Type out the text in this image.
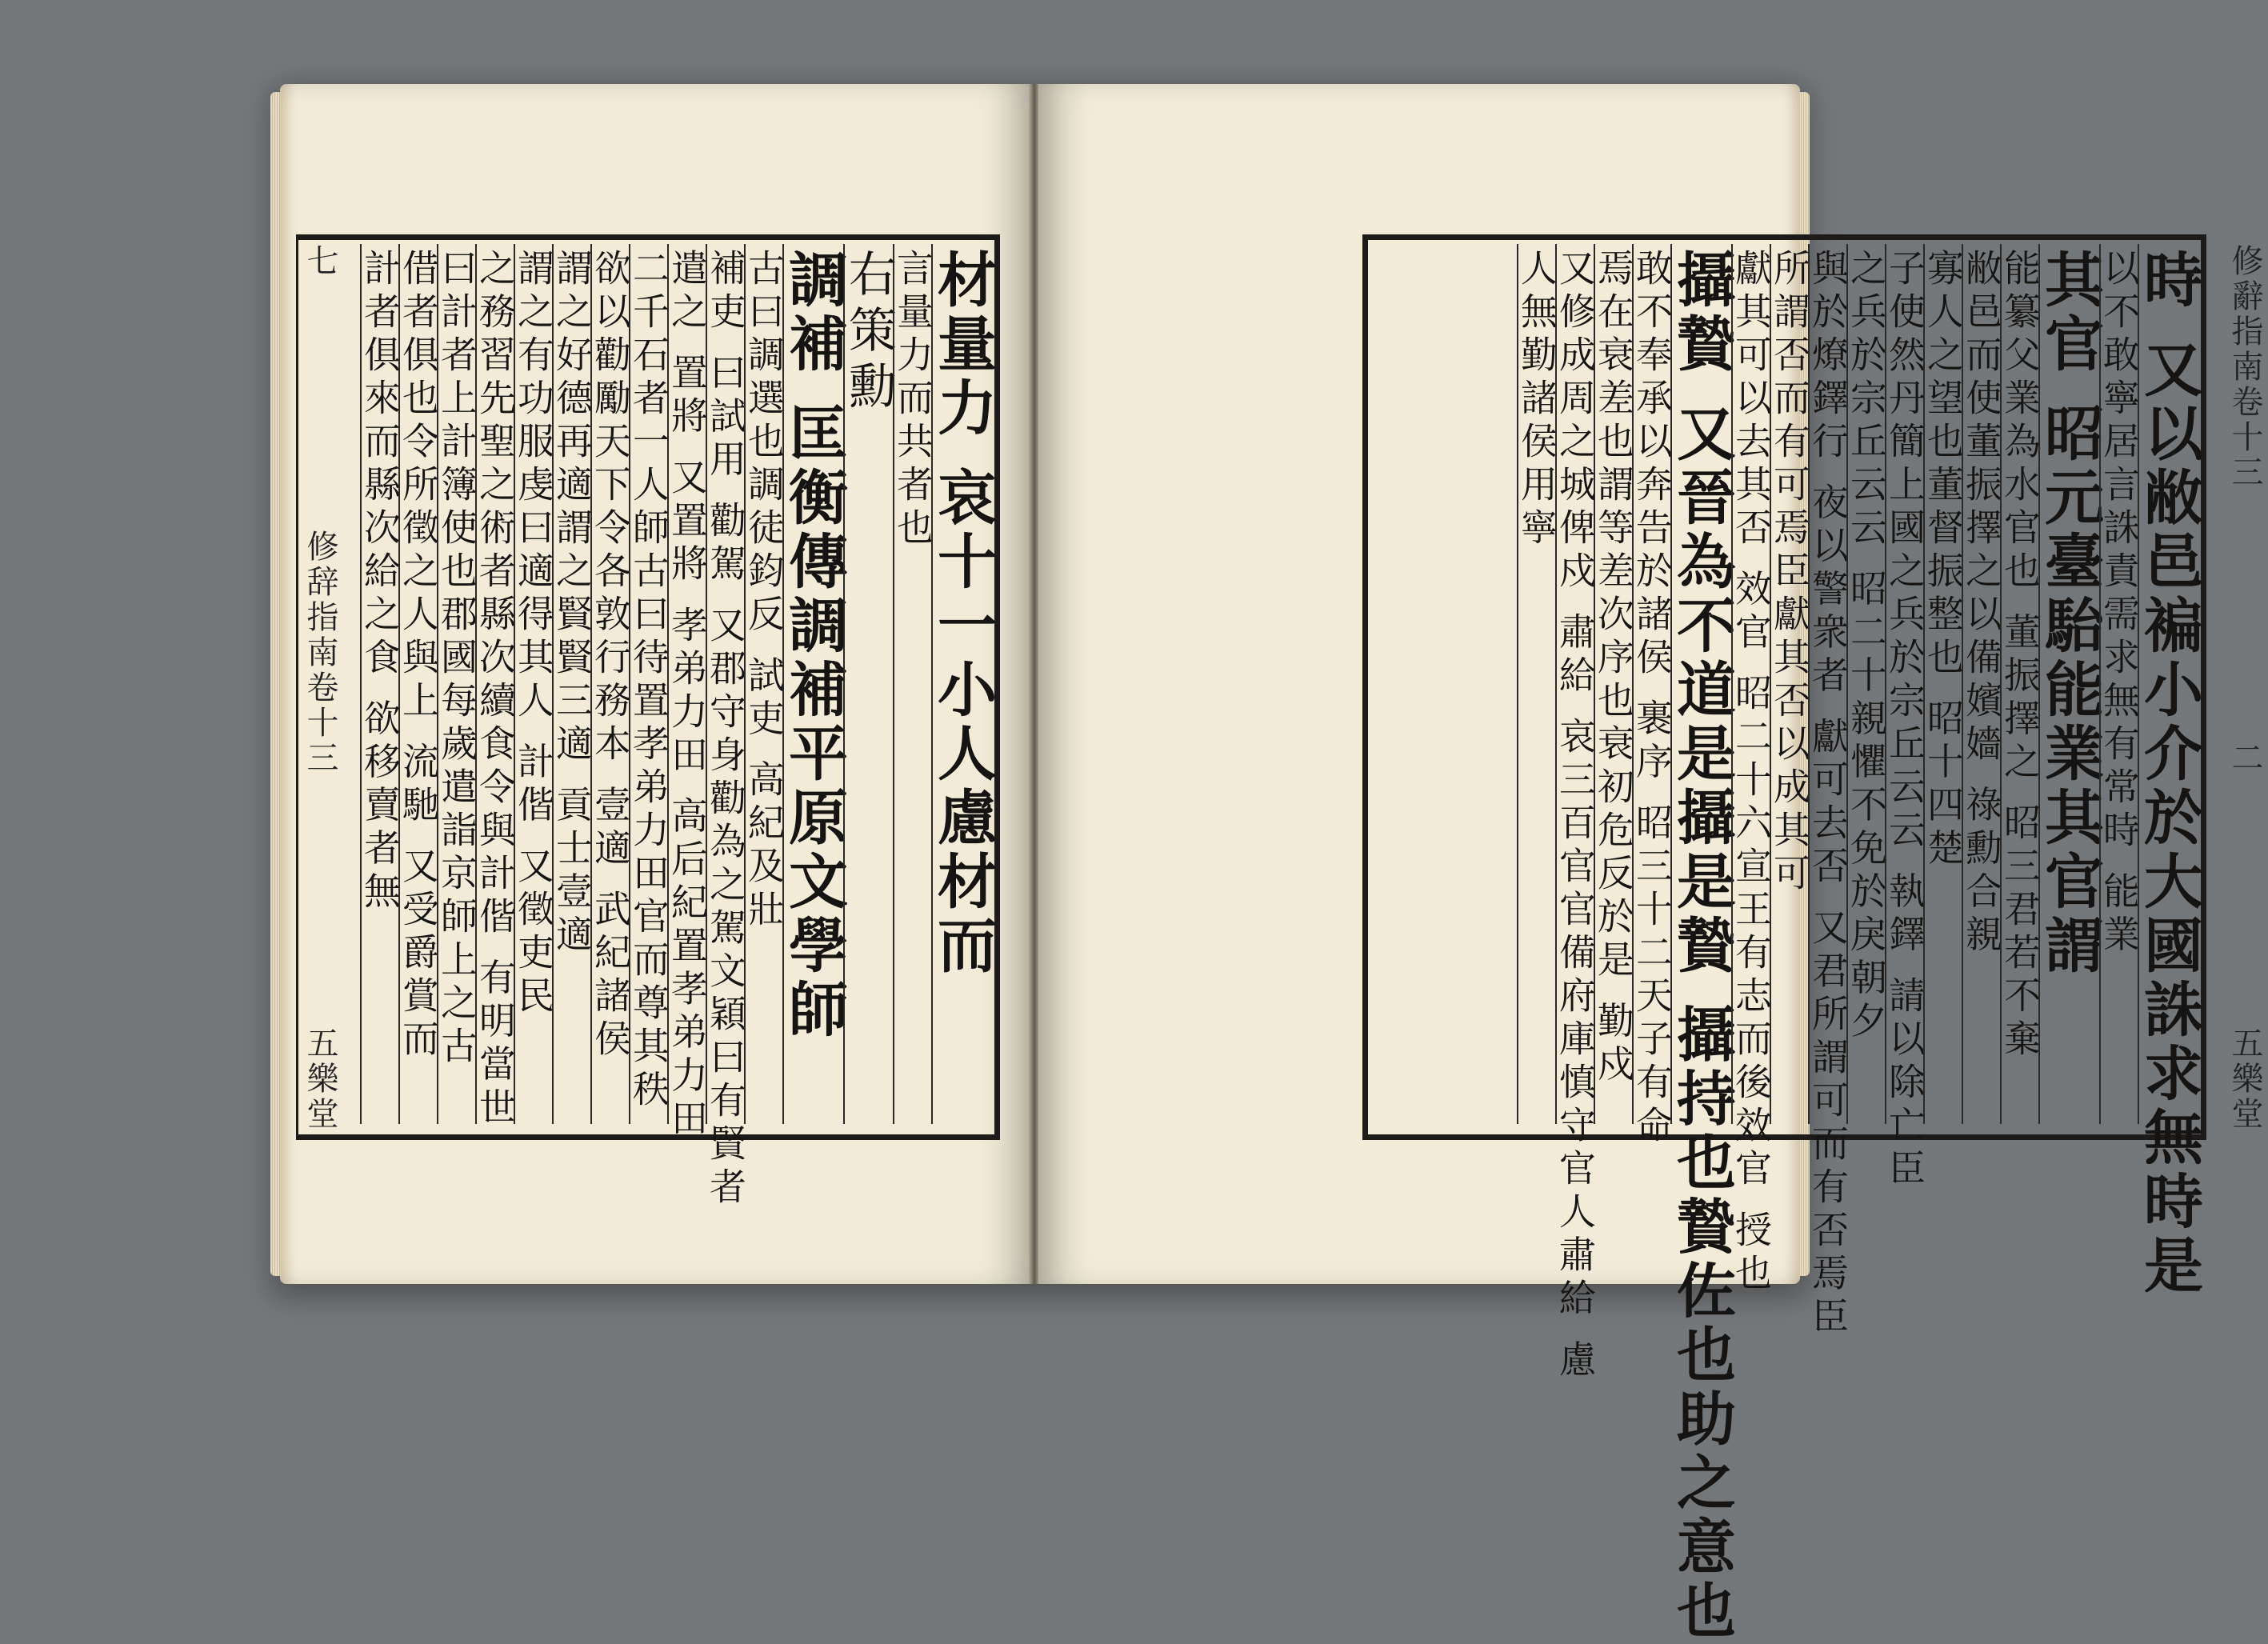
七
修辞指南卷十三
五樂堂
材量力 哀十一小人慮材而
言量力而共者也
右策勳
調補 匡衡傳調補平原文學師
古曰調選也調徒鈞反 試吏 高紀及壯
補吏 曰試用 勸駕 又郡守身勸為之駕文穎曰有賢者
遣之 置將 又置將 孝弟力田 高后紀置孝弟力田
二千石者一人師古曰待置孝弟力田官而尊其秩
欲以勸勵天下令各敦行務本 壹適 武紀諸侯
謂之好德再適謂之賢賢三適 貢士壹適
謂之有功服虔曰適得其人 計偕 又徵吏民
之務習先聖之術者縣次續食令與計偕 有明當世
曰計者上計簿使也郡國每歲遣詣京師上之古
借者俱也令所徵之人與上 流馳 又受爵賞而
計者俱來而縣次給之食 欲移賣者無	修辭指南卷十三
二
五樂堂
時 又以敝邑褊小介於大國誅求無時是
以不敢寧居言誅責需求無有常時 能業
其官 昭元臺駘能業其官謂
能纂父業為水官也 董振擇之 昭三君若不棄
敝邑而使董振擇之以備嬪嬙 祿勳合親
寡人之望也董督振整也 昭十四楚
子使然丹簡上國之兵於宗丘云云 執鐸 請以除亡臣
之兵於宗丘云云 昭二十親懼不免於戾朝夕
與於燎鐸行 夜以警衆者 獻可去否 又君所謂可而有否焉臣
所謂否而有可焉臣獻其否以成其可
獻其可以去其否 效官 昭二十六宣王有志而後效官 授也
攝贄 又晉為不道是攝是贄 攝持也贄佐也助之意也
敢不奉承以奔告於諸侯 裹序 昭三十二天子有命
焉在衰差也謂等差次序也衰初危反於是 勤戍
又修成周之城俾戍 肅給 哀三百官官備府庫慎守官人肅給 慮
人無勤諸侯用寧
